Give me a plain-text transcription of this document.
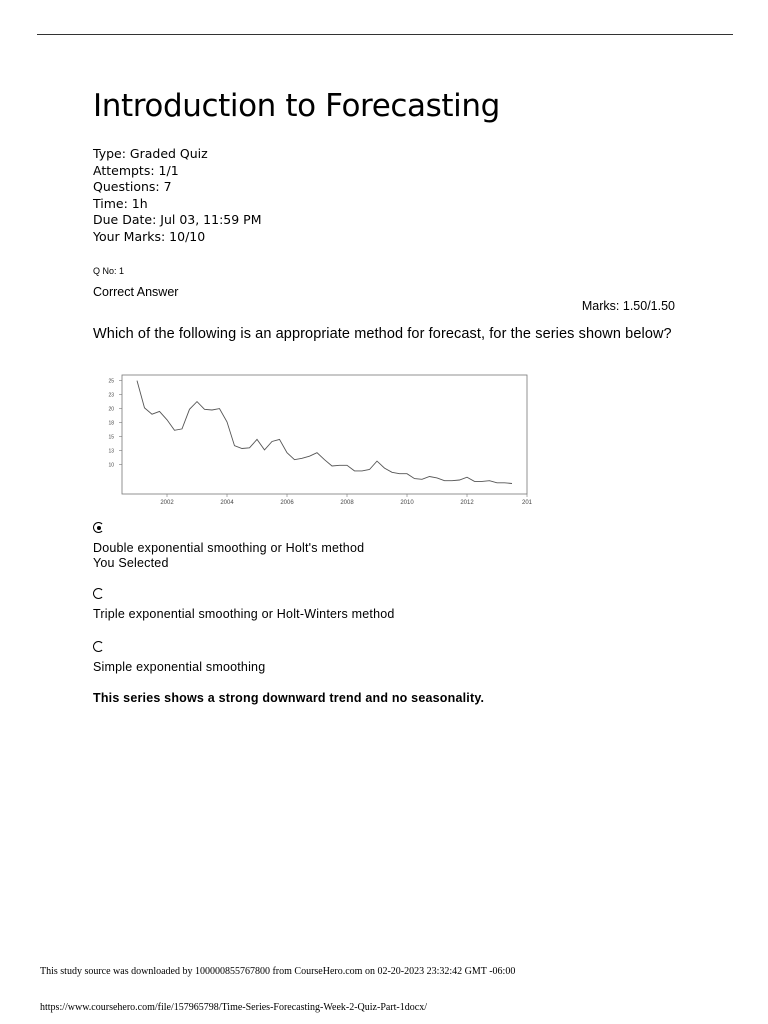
Introduction to Forecasting
Type: Graded Quiz
Attempts: 1/1
Questions: 7
Time: 1h
Due Date: Jul 03, 11:59 PM
Your Marks: 10/10
Q No: 1
Correct Answer
Marks: 1.50/1.50
Which of the following is an appropriate method for forecast, for the series shown below?
25
23
20
18
15
13
10
2002	2004	2006	2008	2010	2012	201
Double exponential smoothing or Holt's method
You Selected
Triple exponential smoothing or Holt-Winters method
Simple exponential smoothing
This series shows a strong downward trend and no seasonality.
This study source was downloaded by 100000855767800 from CourseHero.com on 02-20-2023 23:32:42 GMT -06:00
https://www.coursehero.com/file/157965798/Time-Series-Forecasting-Week-2-Quiz-Part-1docx/
